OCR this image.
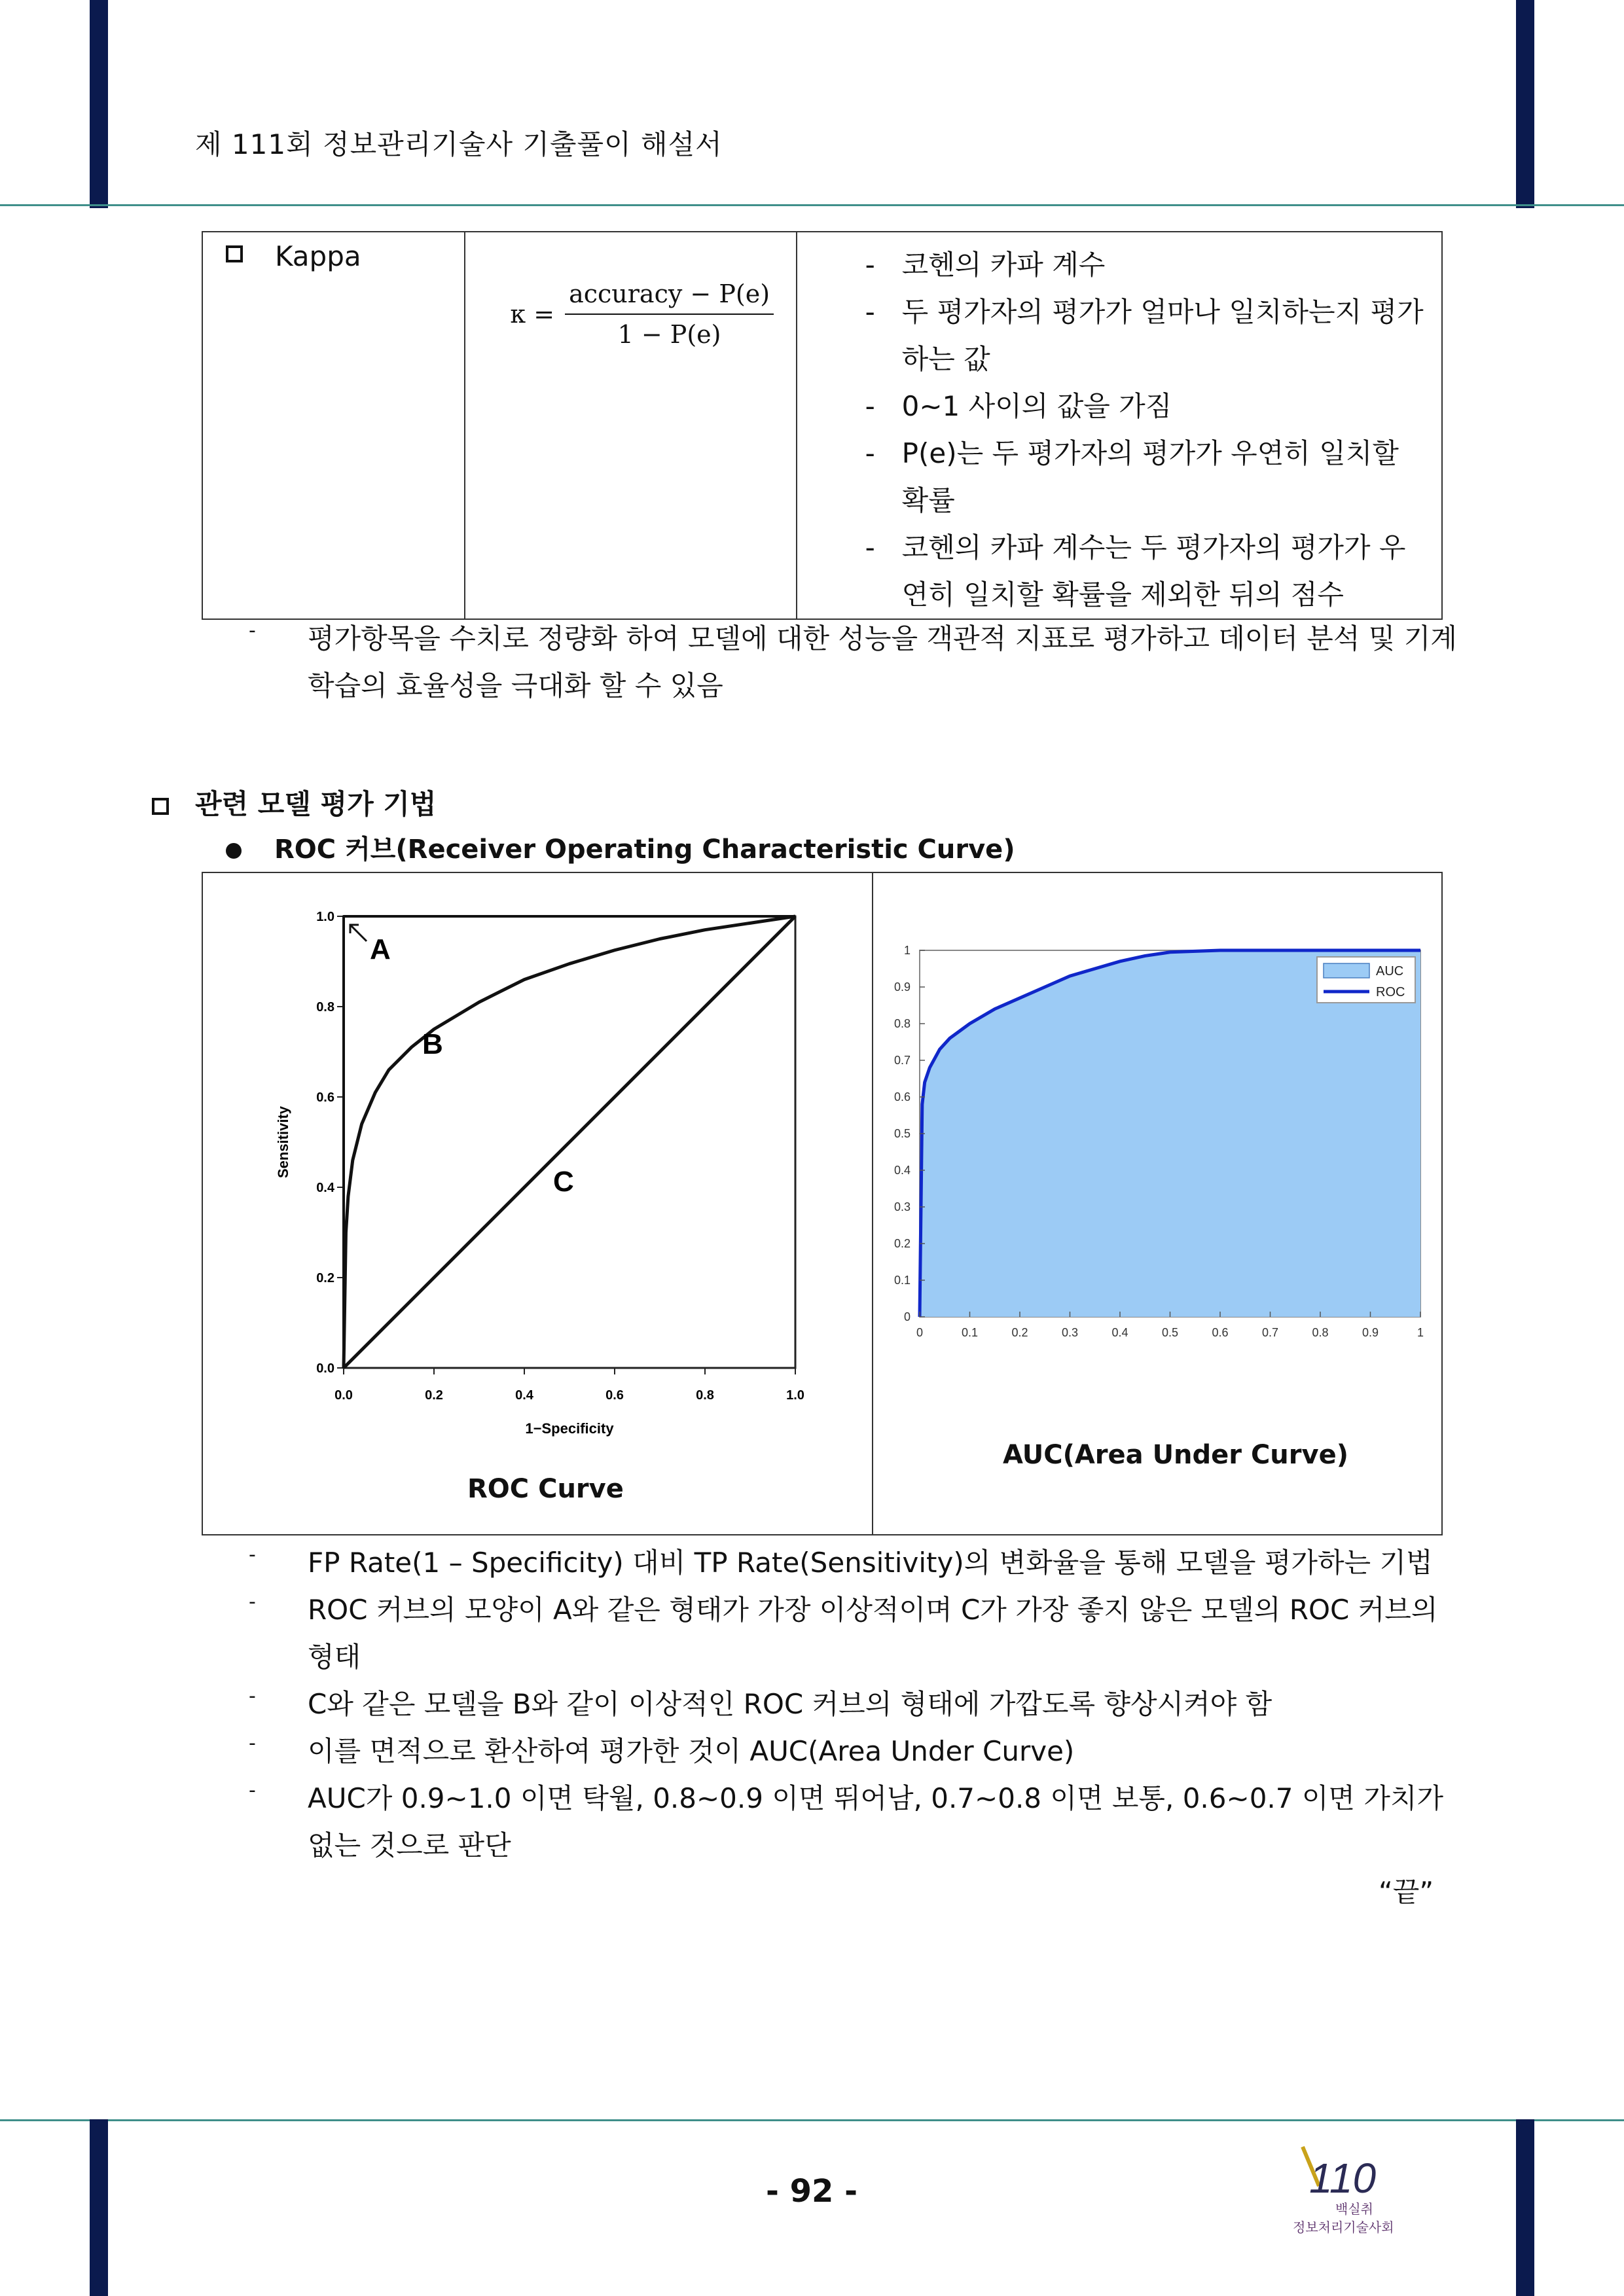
제 111회 정보관리기술사 기출풀이 해설서
Kappa

$\kappa = \frac{\text{accuracy − P(e)}}{1 - P(e)}$

- 코헨의 카파 계수
- 두 평가자의 평가가 얼마나 일치하는지 평가하는 값
- 0~1 사이의 값을 가짐
- P(e)는 두 평가자의 평가가 우연히 일치할 확률
- 코헨의 카파 계수는 두 평가자의 평가가 우연히 일치할 확률을 제외한 뒤의 점수
- 평가항목을 수치로 정량화 하여 모델에 대한 성능을 객관적 지표로 평가하고 데이터 분석 및 기계 학습의 효율성을 극대화 할 수 있음
관련 모델 평가 기법
ROC 커브(Receiver Operating Characteristic Curve)
0.0	0.2	0.4	0.6	0.8	1.0
0.0
0.2
0.4
0.6
0.8
1.0
A
B
C
1−Specificity
Sensitivity
ROC Curve
0	0.1	0.2	0.3	0.4	0.5	0.6	0.7	0.8	0.9	1
0
0.1
0.2
0.3
0.4
0.5
0.6
0.7
0.8
0.9
1
AUC
ROC
AUC(Area Under Curve)
- FP Rate(1 – Specificity) 대비 TP Rate(Sensitivity)의 변화율을 통해 모델을 평가하는 기법
- ROC 커브의 모양이 A와 같은 형태가 가장 이상적이며 C가 가장 좋지 않은 모델의 ROC 커브의 형태
- C와 같은 모델을 B와 같이 이상적인 ROC 커브의 형태에 가깝도록 향상시켜야 함
- 이를 면적으로 환산하여 평가한 것이 AUC(Area Under Curve)
- AUC가 0.9~1.0 이면 탁월, 0.8~0.9 이면 뛰어남, 0.7~0.8 이면 보통, 0.6~0.7 이면 가치가 없는 것으로 판단
“끝”
- 92 -	110
백실취
정보처리기술사회
